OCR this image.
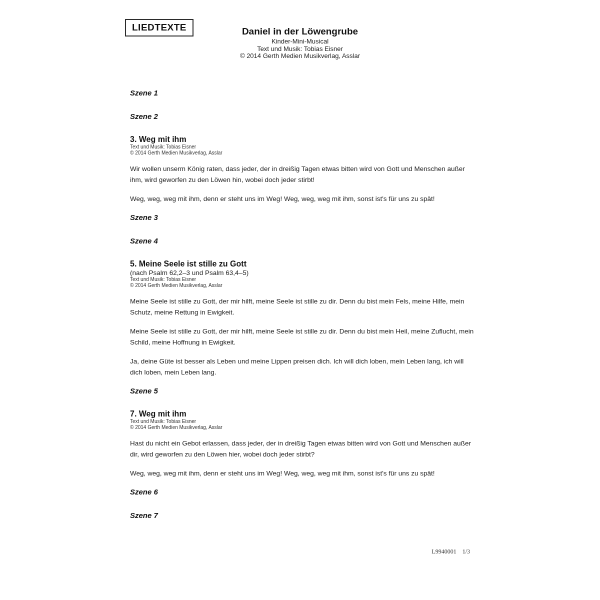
LIEDTEXTE	Daniel in der Löwengrube
Kinder-Mini-Musical
Text und Musik: Tobias Eisner
© 2014 Gerth Medien Musikverlag, Asslar
Szene 1
Szene 2
3. Weg mit ihm
Text und Musik: Tobias Eisner
© 2014 Gerth Medien Musikverlag, Asslar
Wir wollen unserm König raten, dass jeder, der in dreißig Tagen etwas bitten wird von Gott und Menschen außer ihm, wird geworfen zu den Löwen hin, wobei doch jeder stirbt!
Weg, weg, weg mit ihm, denn er steht uns im Weg! Weg, weg, weg mit ihm, sonst ist's für uns zu spät!
Szene 3
Szene 4
5. Meine Seele ist stille zu Gott
(nach Psalm 62,2–3 und Psalm 63,4–5)
Text und Musik: Tobias Eisner
© 2014 Gerth Medien Musikverlag, Asslar
Meine Seele ist stille zu Gott, der mir hilft, meine Seele ist stille zu dir. Denn du bist mein Fels, meine Hilfe, mein Schutz, meine Rettung in Ewigkeit.
Meine Seele ist stille zu Gott, der mir hilft, meine Seele ist stille zu dir. Denn du bist mein Heil, meine Zuflucht, mein Schild, meine Hoffnung in Ewigkeit.
Ja, deine Güte ist besser als Leben und meine Lippen preisen dich. Ich will dich loben, mein Leben lang, ich will dich loben, mein Leben lang.
Szene 5
7. Weg mit ihm
Text und Musik: Tobias Eisner
© 2014 Gerth Medien Musikverlag, Asslar
Hast du nicht ein Gebot erlassen, dass jeder, der in dreißig Tagen etwas bitten wird von Gott und Menschen außer dir, wird geworfen zu den Löwen hier, wobei doch jeder stirbt?
Weg, weg, weg mit ihm, denn er steht uns im Weg! Weg, weg, weg mit ihm, sonst ist's für uns zu spät!
Szene 6
Szene 7
L9940001 1/3
